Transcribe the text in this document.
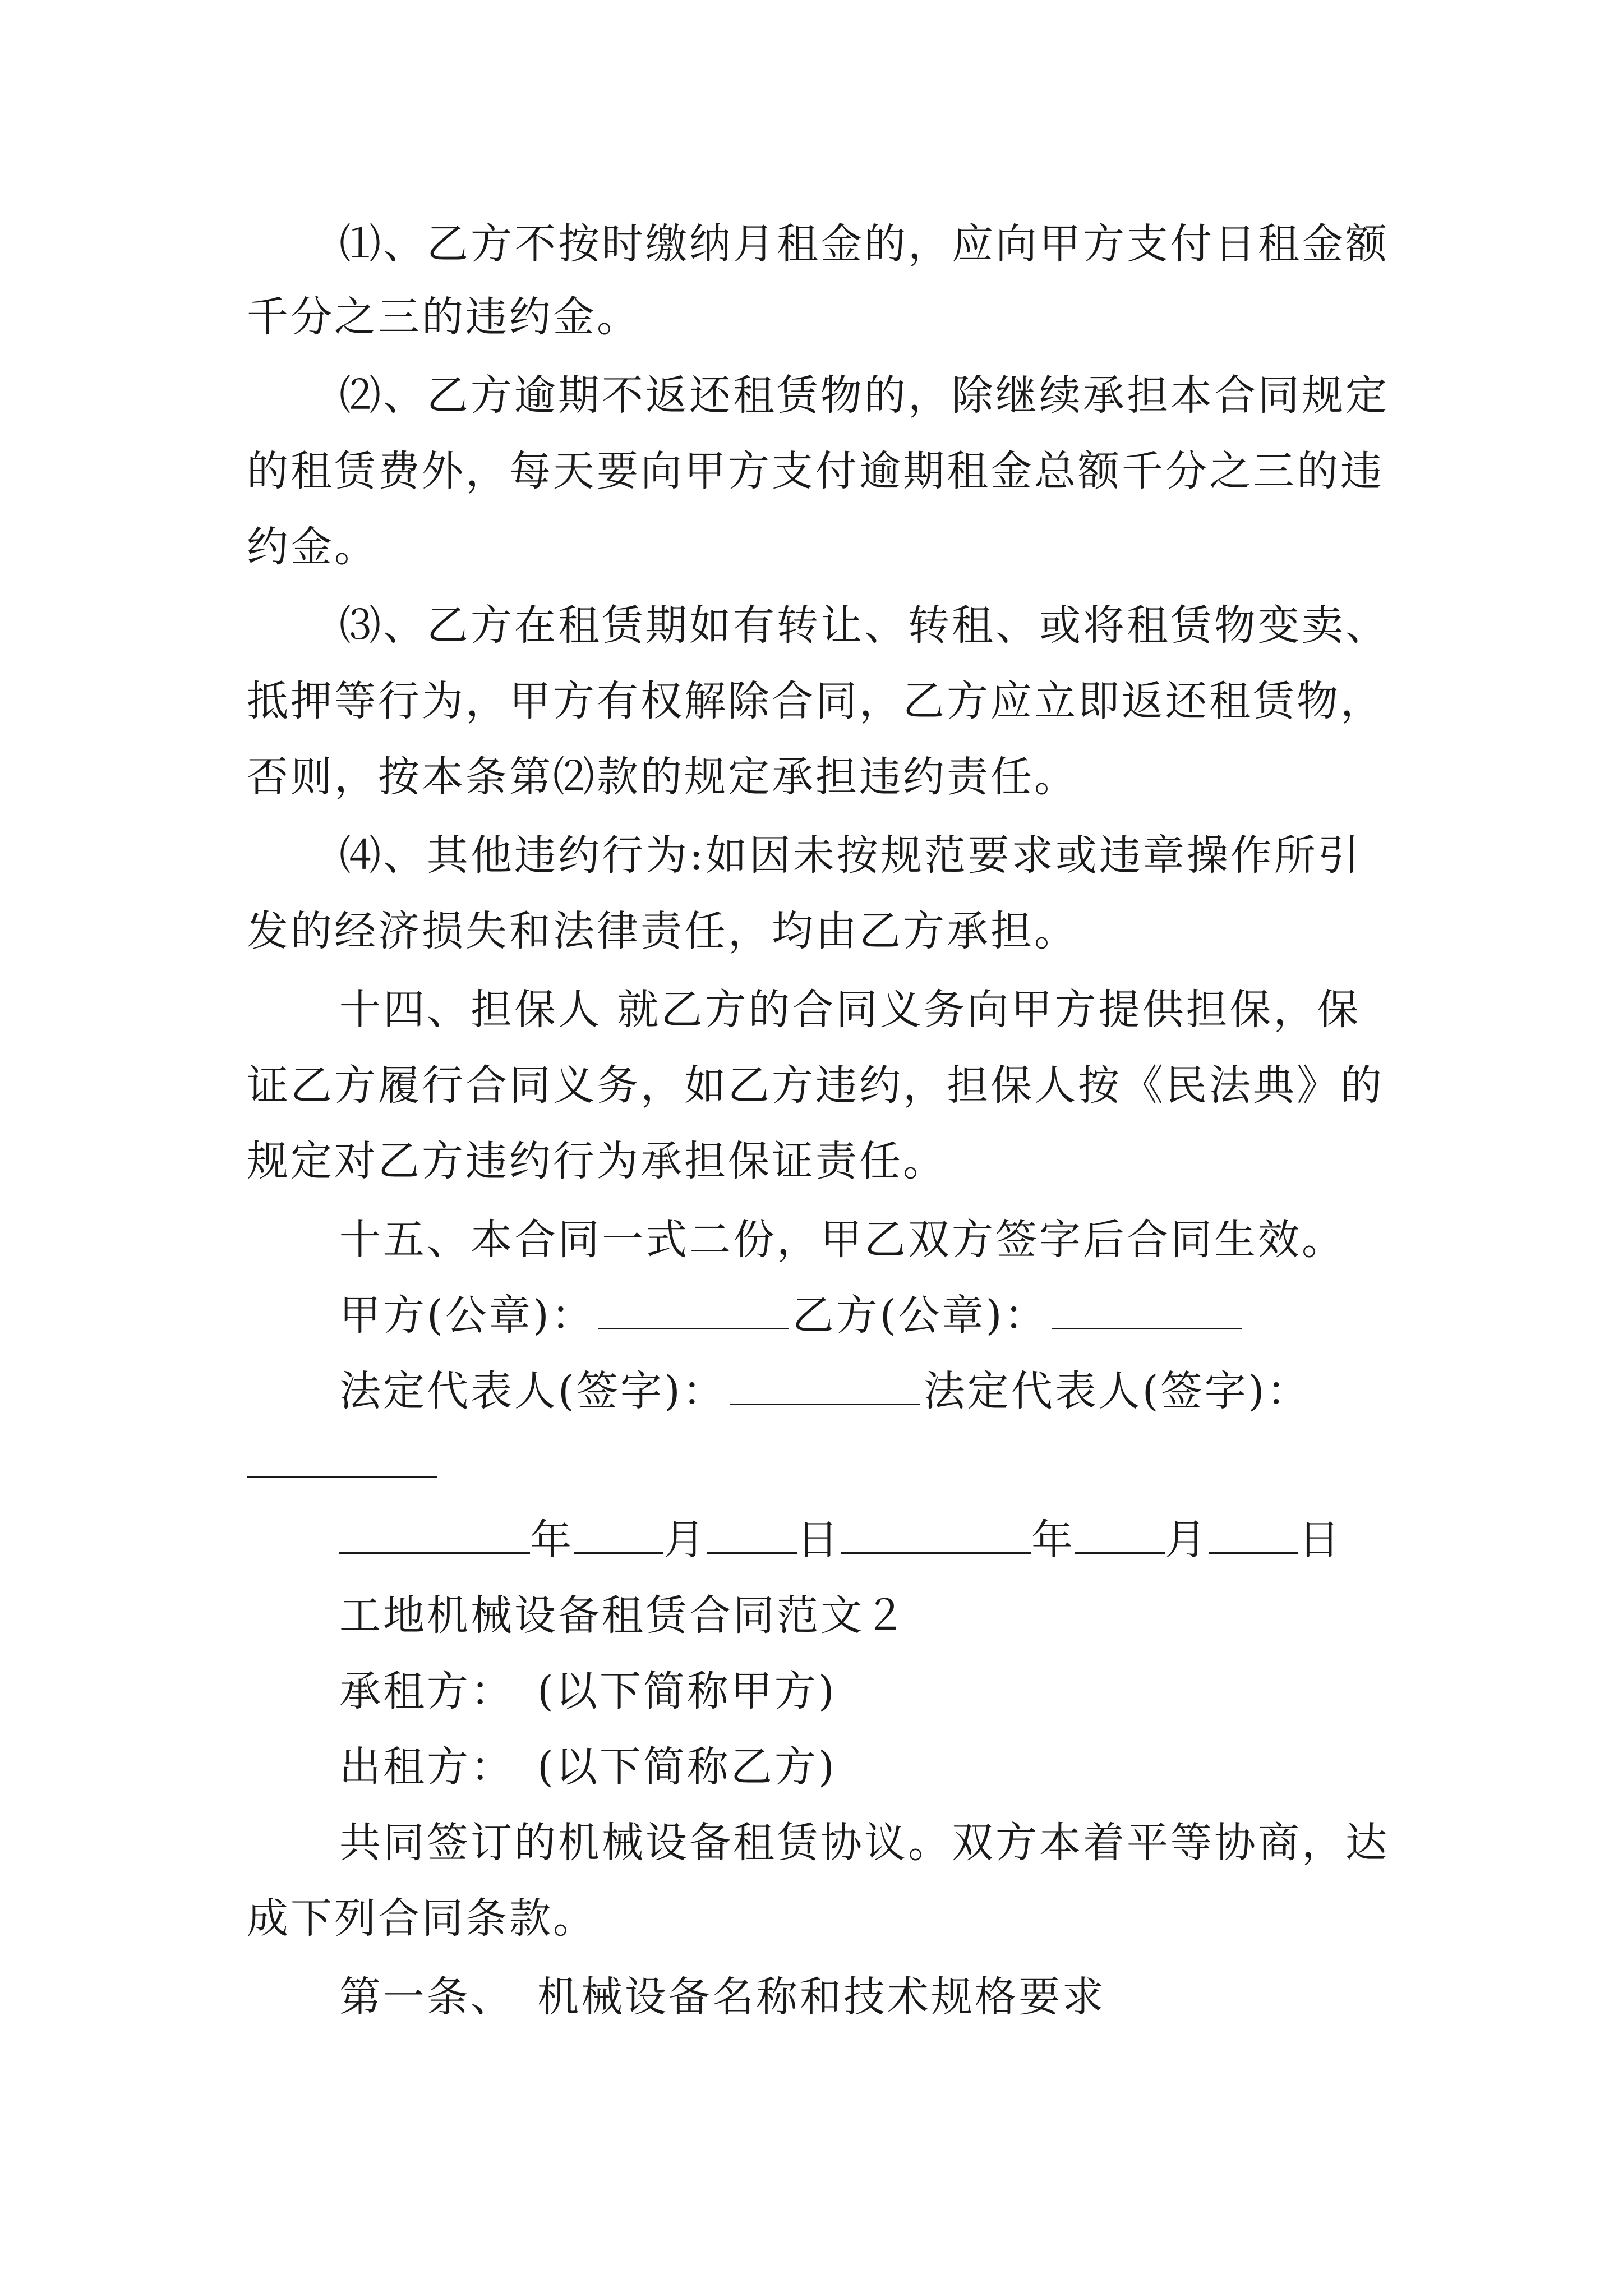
⑴、乙方不按时缴纳月租金的，应向甲方支付日租金额
千分之三的违约金。
⑵、乙方逾期不返还租赁物的，除继续承担本合同规定
的租赁费外，每天要向甲方支付逾期租金总额千分之三的违
约金。
⑶、乙方在租赁期如有转让、转租、或将租赁物变卖、
抵押等行为，甲方有权解除合同，乙方应立即返还租赁物，
否则，按本条第⑵款的规定承担违约责任。
⑷、其他违约行为:如因未按规范要求或违章操作所引
发的经济损失和法律责任，均由乙方承担。
十四、担保人 就乙方的合同义务向甲方提供担保，保
证乙方履行合同义务，如乙方违约，担保人按《民法典》的
规定对乙方违约行为承担保证责任。
十五、本合同一式二份，甲乙双方签字后合同生效。
甲方(公章)：	乙方(公章)：
法定代表人(签字)：	法定代表人(签字)：
年 月 日	年 月 日
工地机械设备租赁合同范文２
承租方：　(以下简称甲方)
出租方：　(以下简称乙方)
共同签订的机械设备租赁协议。双方本着平等协商，达
成下列合同条款。
第一条、　机械设备名称和技术规格要求
